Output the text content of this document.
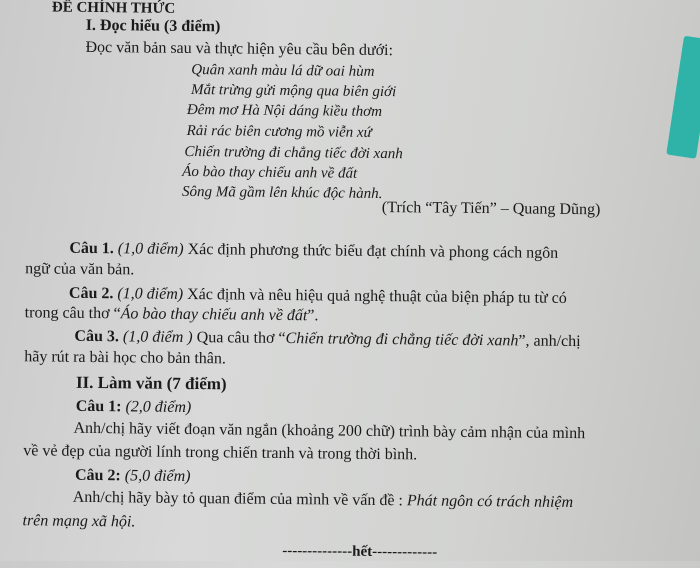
ĐỀ CHÍNH THỨC
I. Đọc hiểu (3 điểm)
Đọc văn bản sau và thực hiện yêu cầu bên dưới:
Quân xanh màu lá dữ oai hùm
Mắt trừng gửi mộng qua biên giới
Đêm mơ Hà Nội dáng kiều thơm
Rải rác biên cương mồ viễn xứ
Chiến trường đi chẳng tiếc đời xanh
Áo bào thay chiếu anh về đất
Sông Mã gầm lên khúc độc hành.
(Trích “Tây Tiến” – Quang Dũng)
Câu 1. (1,0 điểm) Xác định phương thức biểu đạt chính và phong cách ngôn
ngữ của văn bản.
Câu 2. (1,0 điểm) Xác định và nêu hiệu quả nghệ thuật của biện pháp tu từ có
trong câu thơ “Áo bào thay chiếu anh về đất”.
Câu 3. (1,0 điểm ) Qua câu thơ “Chiến trường đi chẳng tiếc đời xanh”, anh/chị
hãy rút ra bài học cho bản thân.
II. Làm văn (7 điểm)
Câu 1: (2,0 điểm)
Anh/chị hãy viết đoạn văn ngắn (khoảng 200 chữ) trình bày cảm nhận của mình
về vẻ đẹp của người lính trong chiến tranh và trong thời bình.
Câu 2: (5,0 điểm)
Anh/chị hãy bày tỏ quan điểm của mình về vấn đề : Phát ngôn có trách nhiệm
trên mạng xã hội.
--------------hết-------------
